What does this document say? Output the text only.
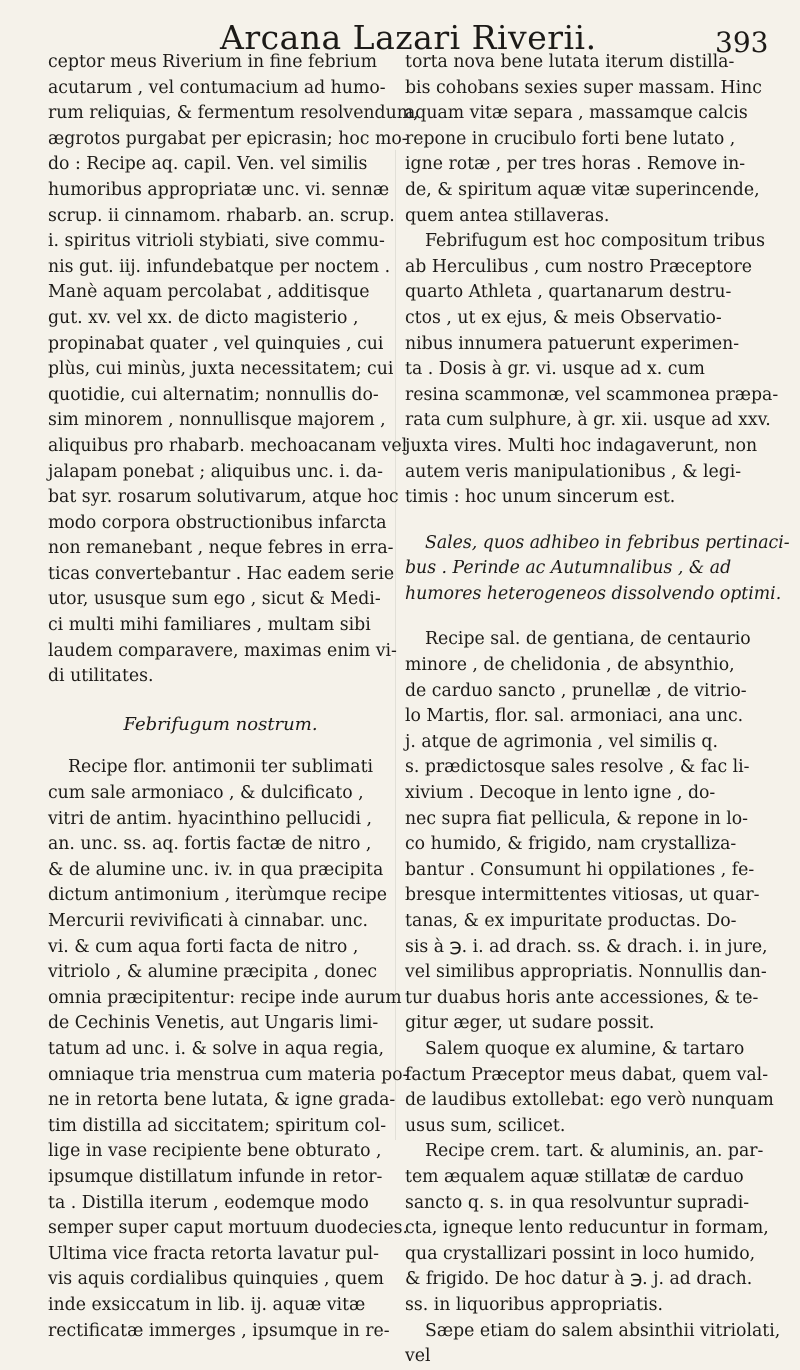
Arcana Lazari Riverii.	393

ceptor meus Riverium in fine febrium
acutarum , vel contumacium ad humo-
rum reliquias, & fermentum resolvendum,
ægrotos purgabat per epicrasin; hoc mo-
do : Recipe aq. capil. Ven. vel similis
humoribus appropriatæ unc. vi. sennæ
scrup. ii cinnamom. rhabarb. an. scrup.
i. spiritus vitrioli stybiati, sive commu-
nis gut. iij. infundebatque per noctem .
Manè aquam percolabat , additisque
gut. xv. vel xx. de dicto magisterio ,
propinabat quater , vel quinquies , cui
plùs, cui minùs, juxta necessitatem; cui
quotidie, cui alternatim; nonnullis do-
sim minorem , nonnullisque majorem ,
aliquibus pro rhabarb. mechoacanam vel
jalapam ponebat ; aliquibus unc. i. da-
bat syr. rosarum solutivarum, atque hoc
modo corpora obstructionibus infarcta
non remanebant , neque febres in erra-
ticas convertebantur . Hac eadem serie
utor, ususque sum ego , sicut & Medi-
ci multi mihi familiares , multam sibi
laudem comparavere, maximas enim vi-
di utilitates.

Febrifugum nostrum.

Recipe flor. antimonii ter sublimati
cum sale armoniaco , & dulcificato ,
vitri de antim. hyacinthino pellucidi ,
an. unc. ss. aq. fortis factæ de nitro ,
& de alumine unc. iv. in qua præcipita
dictum antimonium , iterùmque recipe
Mercurii revivificati à cinnabar. unc.
vi. & cum aqua forti facta de nitro ,
vitriolo , & alumine præcipita , donec
omnia præcipitentur: recipe inde aurum
de Cechinis Venetis, aut Ungaris limi-
tatum ad unc. i. & solve in aqua regia,
omniaque tria menstrua cum materia po-
ne in retorta bene lutata, & igne grada-
tim distilla ad siccitatem; spiritum col-
lige in vase recipiente bene obturato ,
ipsumque distillatum infunde in retor-
ta . Distilla iterum , eodemque modo
semper super caput mortuum duodecies.
Ultima vice fracta retorta lavatur pul-
vis aquis cordialibus quinquies , quem
inde exsiccatum in lib. ij. aquæ vitæ
rectificatæ immerges , ipsumque in re-

torta nova bene lutata iterum distilla-
bis cohobans sexies super massam. Hinc
aquam vitæ separa , massamque calcis
repone in crucibulo forti bene lutato ,
igne rotæ , per tres horas . Remove in-
de, & spiritum aquæ vitæ superincende,
quem antea stillaveras.
Febrifugum est hoc compositum tribus
ab Herculibus , cum nostro Præceptore
quarto Athleta , quartanarum destru-
ctos , ut ex ejus, & meis Observatio-
nibus innumera patuerunt experimen-
ta . Dosis à gr. vi. usque ad x. cum
resina scammonæ, vel scammonea præpa-
rata cum sulphure, à gr. xii. usque ad xxv.
juxta vires. Multi hoc indagaverunt, non
autem veris manipulationibus , & legi-
timis : hoc unum sincerum est.

Sales, quos adhibeo in febribus pertinaci-
bus . Perinde ac Autumnalibus , & ad
humores heterogeneos dissolvendo optimi.

Recipe sal. de gentiana, de centaurio
minore , de chelidonia , de absynthio,
de carduo sancto , prunellæ , de vitrio-
lo Martis, flor. sal. armoniaci, ana unc.
j. atque de agrimonia , vel similis q.
s. prædictosque sales resolve , & fac li-
xivium . Decoque in lento igne , do-
nec supra fiat pellicula, & repone in lo-
co humido, & frigido, nam crystalliza-
bantur . Consumunt hi oppilationes , fe-
bresque intermittentes vitiosas, ut quar-
tanas, & ex impuritate productas. Do-
sis à ℈. i. ad drach. ss. & drach. i. in jure,
vel similibus appropriatis. Nonnullis dan-
tur duabus horis ante accessiones, & te-
gitur æger, ut sudare possit.
Salem quoque ex alumine, & tartaro
factum Præceptor meus dabat, quem val-
de laudibus extollebat: ego verò nunquam
usus sum, scilicet.
Recipe crem. tart. & aluminis, an. par-
tem æqualem aquæ stillatæ de carduo
sancto q. s. in qua resolvuntur supradi-
cta, igneque lento reducuntur in formam,
qua crystallizari possint in loco humido,
& frigido. De hoc datur à ℈. j. ad drach.
ss. in liquoribus appropriatis.
Sæpe etiam do salem absinthii vitriolati,
vel
